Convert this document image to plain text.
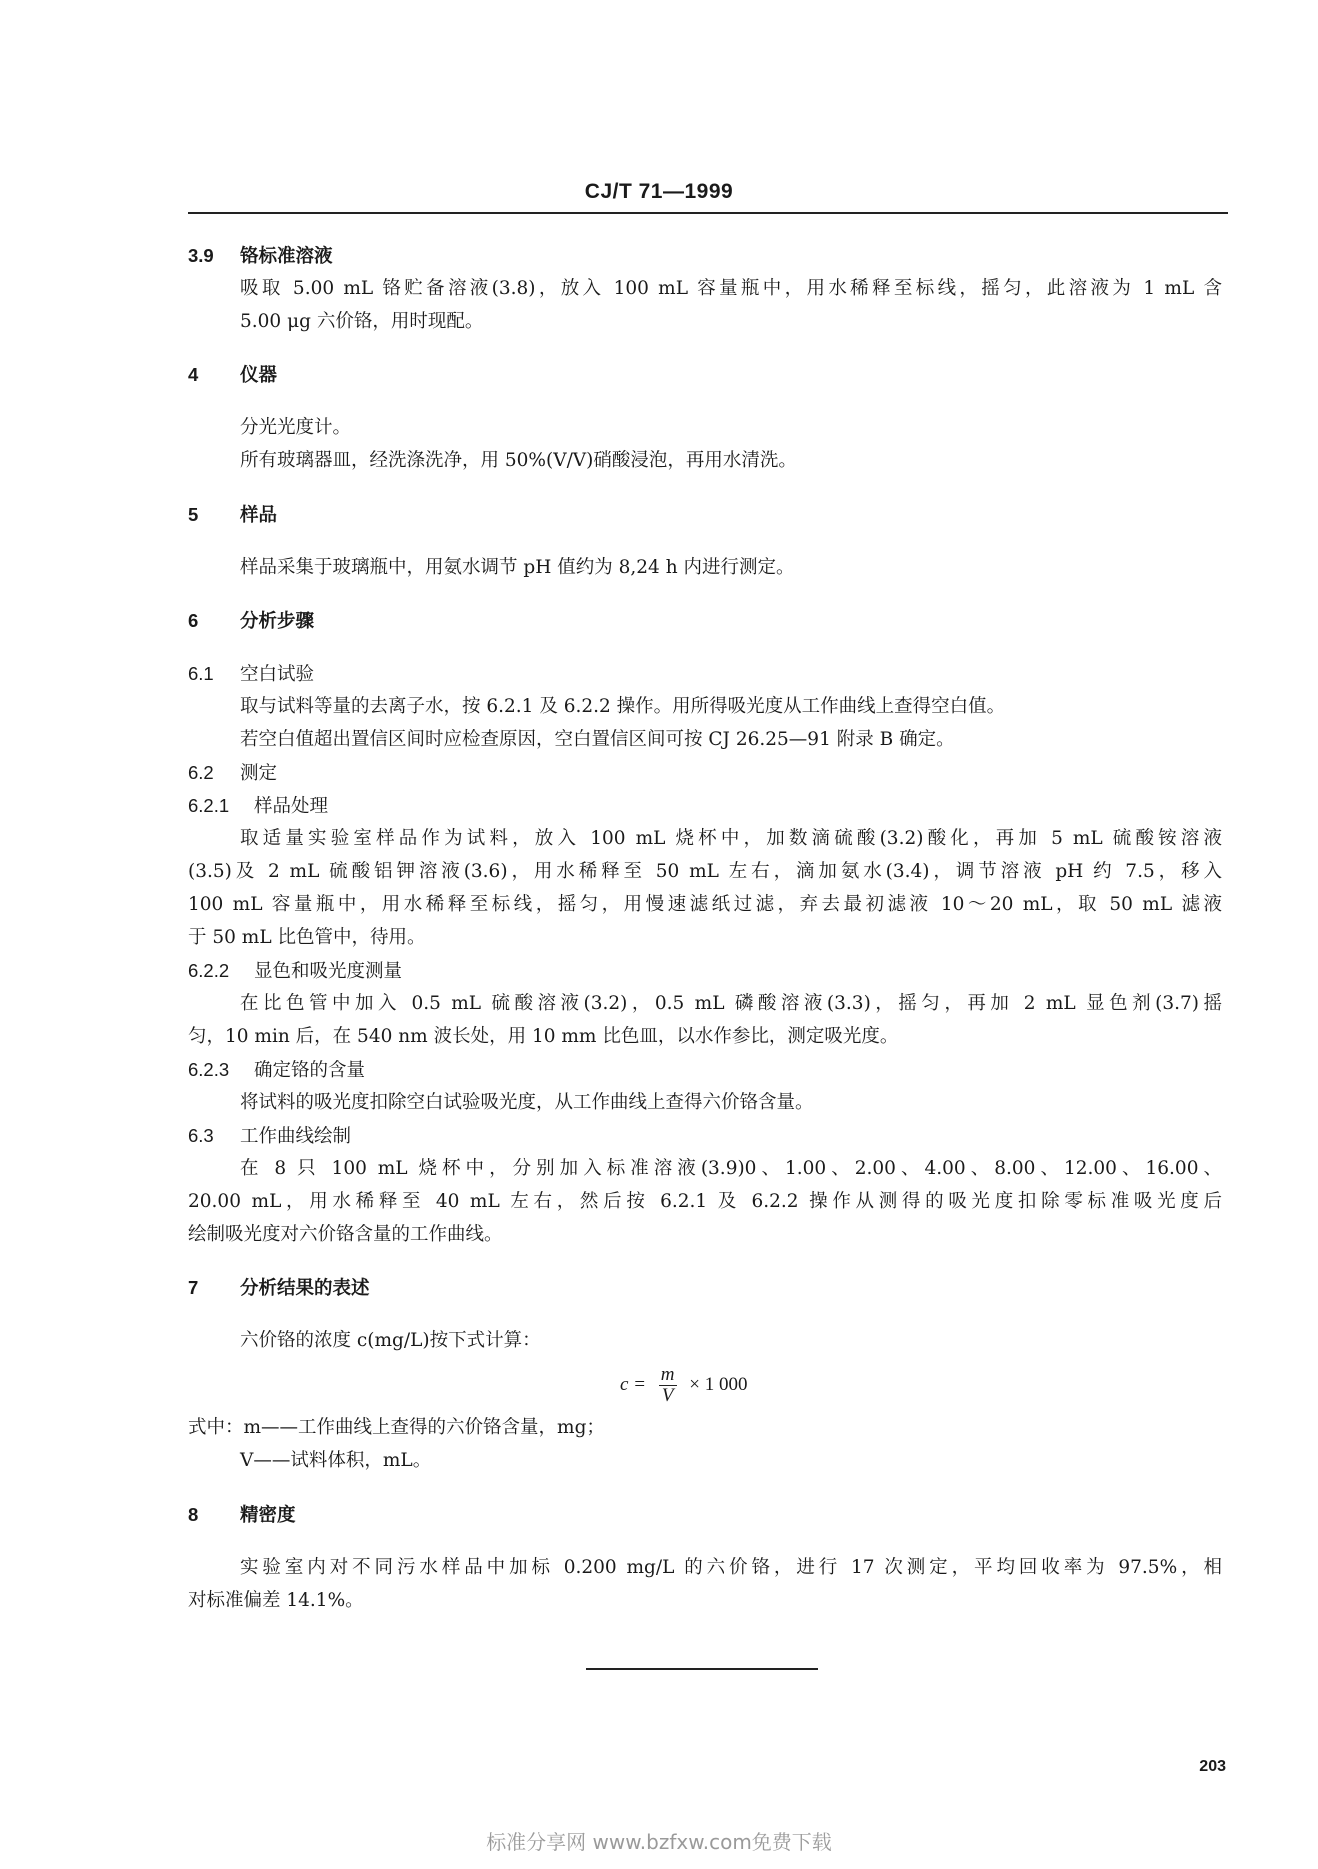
CJ/T 71—1999
3.9 铬标准溶液
吸取 5.00 mL 铬贮备溶液(3.8)，放入 100 mL 容量瓶中，用水稀释至标线，摇匀，此溶液为 1 mL 含
5.00 μg 六价铬，用时现配。
4 仪器
分光光度计。
所有玻璃器皿，经洗涤洗净，用 50%(V/V)硝酸浸泡，再用水清洗。
5 样品
样品采集于玻璃瓶中，用氨水调节 pH 值约为 8,24 h 内进行测定。
6 分析步骤
6.1 空白试验
取与试料等量的去离子水，按 6.2.1 及 6.2.2 操作。用所得吸光度从工作曲线上查得空白值。
若空白值超出置信区间时应检查原因，空白置信区间可按 CJ 26.25—91 附录 B 确定。
6.2 测定
6.2.1 样品处理
取适量实验室样品作为试料，放入 100 mL 烧杯中，加数滴硫酸(3.2)酸化，再加 5 mL 硫酸铵溶液
(3.5)及 2 mL 硫酸铝钾溶液(3.6)，用水稀释至 50 mL 左右，滴加氨水(3.4)，调节溶液 pH 约 7.5，移入
100 mL 容量瓶中，用水稀释至标线，摇匀，用慢速滤纸过滤，弃去最初滤液 10～20 mL，取 50 mL 滤液
于 50 mL 比色管中，待用。
6.2.2 显色和吸光度测量
在比色管中加入 0.5 mL 硫酸溶液(3.2)，0.5 mL 磷酸溶液(3.3)，摇匀，再加 2 mL 显色剂(3.7)摇
匀，10 min 后，在 540 nm 波长处，用 10 mm 比色皿，以水作参比，测定吸光度。
6.2.3 确定铬的含量
将试料的吸光度扣除空白试验吸光度，从工作曲线上查得六价铬含量。
6.3 工作曲线绘制
在 8 只 100 mL 烧杯中，分别加入标准溶液(3.9)0、1.00、2.00、4.00、8.00、12.00、16.00、
20.00 mL，用水稀释至 40 mL 左右，然后按 6.2.1 及 6.2.2 操作从测得的吸光度扣除零标准吸光度后
绘制吸光度对六价铬含量的工作曲线。
7 分析结果的表述
六价铬的浓度 c(mg/L)按下式计算：
$c = \frac{m}{V} \times 1$ 000
式中：m——工作曲线上查得的六价铬含量，mg；
V——试料体积，mL。
8 精密度
实验室内对不同污水样品中加标 0.200 mg/L 的六价铬，进行 17 次测定，平均回收率为 97.5%，相
对标准偏差 14.1%。
203
标准分享网 www.bzfxw.com免费下载
